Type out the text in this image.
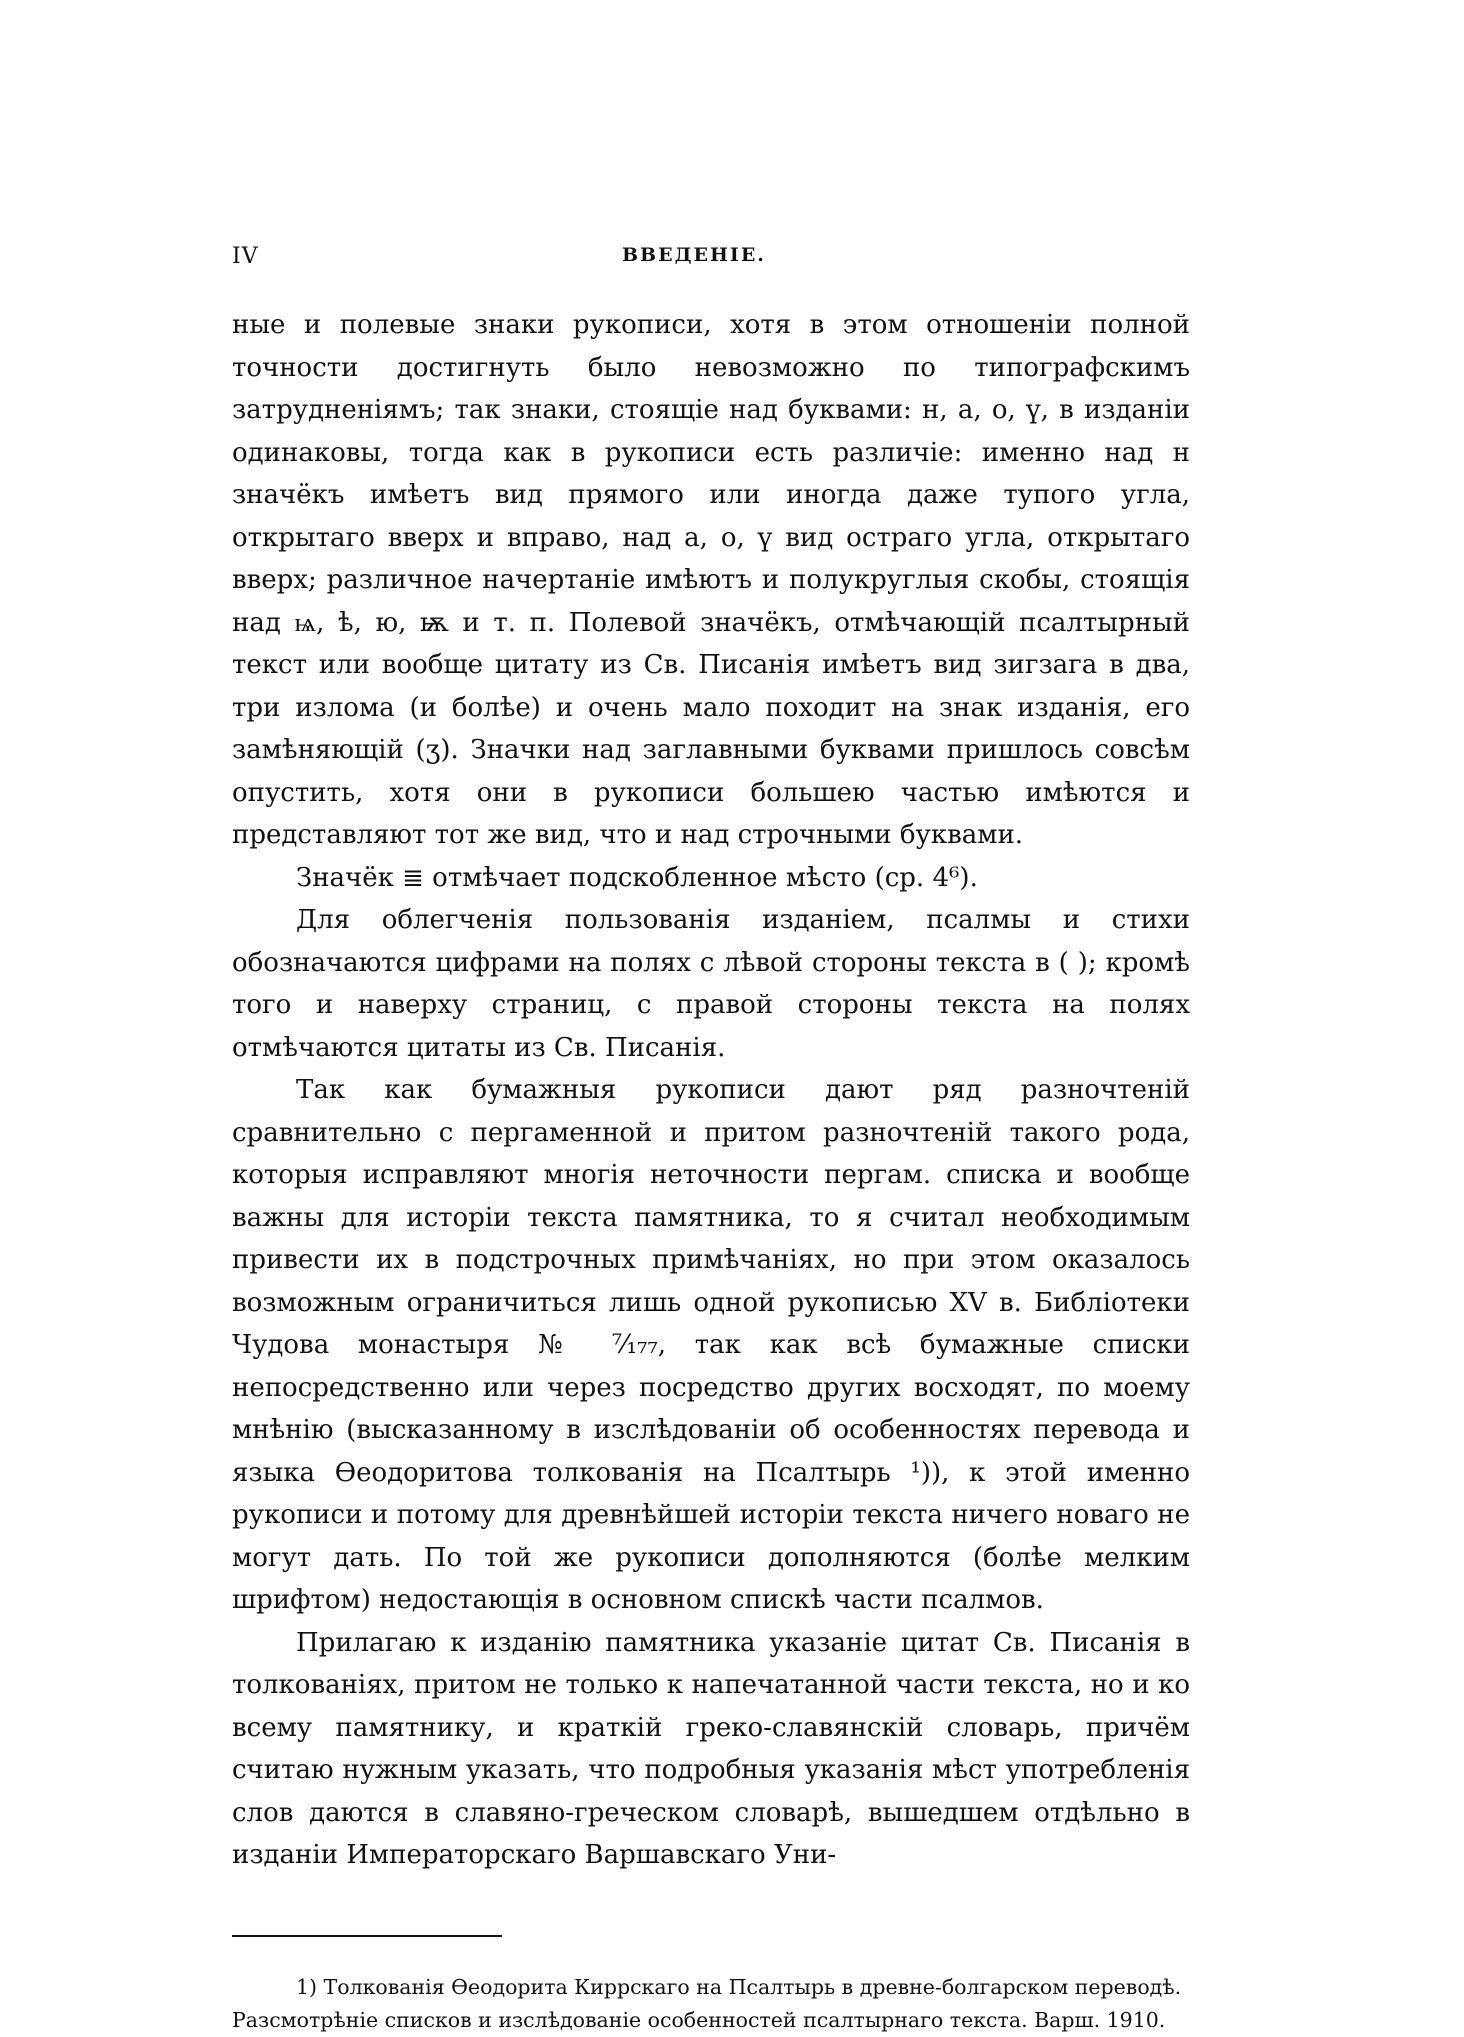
IV	ВВЕДЕНІЕ.

ные и полевые знаки рукописи, хотя в этом отношеніи полной точности достигнуть было невозможно по типографскимъ затрудненіямъ; так знаки, стоящіе над буквами: н, а, о, ү, в изданіи одинаковы, тогда как в рукописи есть различіе: именно над н значёкъ имѣетъ вид прямого или иногда даже тупого угла, открытаго вверх и вправо, над а, о, ү вид остраго угла, открытаго вверх; различное начертаніе имѣютъ и полукруглыя скобы, стоящія над ѩ, ѣ, ю, ѭ и т. п. Полевой значёкъ, отмѣчающій псалтырный текст или вообще цитату из Св. Писанія имѣетъ вид зигзага в два, три излома (и болѣе) и очень мало походит на знак изданія, его замѣняющій (ʒ). Значки над заглавными буквами пришлось совсѣм опустить, хотя они в рукописи большею частью имѣются и представляют тот же вид, что и над строчными буквами.

Значёк ≣ отмѣчает подскобленное мѣсто (ср. 4⁶).

Для облегченія пользованія изданіем, псалмы и стихи обозначаются цифрами на полях с лѣвой стороны текста в ( ); кромѣ того и наверху страниц, с правой стороны текста на полях отмѣчаются цитаты из Св. Писанія.

Так как бумажныя рукописи дают ряд разночтеній сравнительно с пергаменной и притом разночтеній такого рода, которыя исправляют многія неточности пергам. списка и вообще важны для исторіи текста памятника, то я считал необходимым привести их в подстрочных примѣчаніях, но при этом оказалось возможным ограничиться лишь одной рукописью XV в. Библіотеки Чудова монастыря № ⁷⁄₁₇₇, так как всѣ бумажные списки непосредственно или через посредство других восходят, по моему мнѣнію (высказанному в изслѣдованіи об особенностях перевода и языка Ѳеодоритова толкованія на Псалтырь ¹)), к этой именно рукописи и потому для древнѣйшей исторіи текста ничего новаго не могут дать. По той же рукописи дополняются (болѣе мелким шрифтом) недостающія в основном спискѣ части псалмов.

Прилагаю к изданію памятника указаніе цитат Св. Писанія в толкованіях, притом не только к напечатанной части текста, но и ко всему памятнику, и краткій греко-славянскій словарь, причём считаю нужным указать, что подробныя указанія мѣст употребленія слов даются в славяно-греческом словарѣ, вышедшем отдѣльно в изданіи Императорскаго Варшавскаго Уни-

1) Толкованія Ѳеодорита Киррскаго на Псалтырь в древне-болгарском переводѣ.
Разсмотрѣніе списков и изслѣдованіе особенностей псалтырнаго текста. Варш. 1910.
